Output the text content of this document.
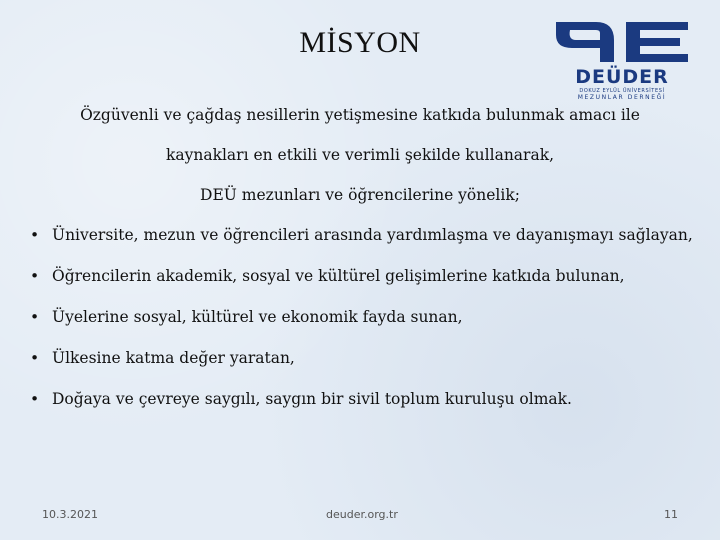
MİSYON
DEÜDER
DOKUZ EYLÜL ÜNİVERSİTESİ
MEZUNLAR DERNEĞİ
Özgüvenli ve çağdaş nesillerin yetişmesine katkıda bulunmak amacı ile
kaynakları en etkili ve verimli şekilde kullanarak,
DEÜ mezunları ve öğrencilerine yönelik;
• Üniversite, mezun ve öğrencileri arasında yardımlaşma ve dayanışmayı sağlayan,
• Öğrencilerin akademik, sosyal ve kültürel gelişimlerine katkıda bulunan,
• Üyelerine sosyal, kültürel ve ekonomik fayda sunan,
• Ülkesine katma değer yaratan,
• Doğaya ve çevreye saygılı, saygın bir sivil toplum kuruluşu olmak.
10.3.2021	deuder.org.tr	11
